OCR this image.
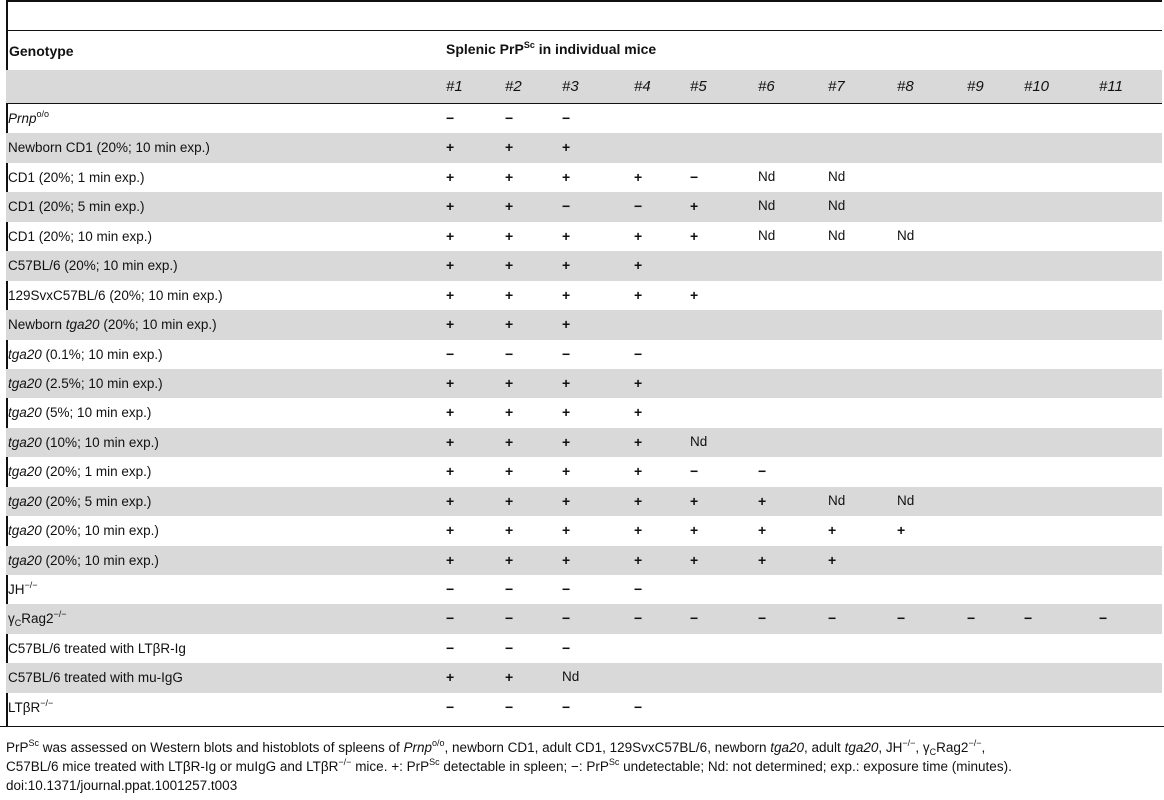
Genotype	Splenic PrP$^{Sc}$ in individual mice
#1	#2	#3	#4	#5	#6	#7	#8	#9	#10	#11
Prnp$^{o/o}$	−	−	−
Newborn CD1 (20%; 10 min exp.)	+	+	+
CD1 (20%; 1 min exp.)	+	+	+	+	−	Nd	Nd
CD1 (20%; 5 min exp.)	+	+	−	−	+	Nd	Nd
CD1 (20%; 10 min exp.)	+	+	+	+	+	Nd	Nd	Nd
C57BL/6 (20%; 10 min exp.)	+	+	+	+
129SvxC57BL/6 (20%; 10 min exp.)	+	+	+	+	+
Newborn tga20 (20%; 10 min exp.)	+	+	+
tga20 (0.1%; 10 min exp.)	−	−	−	−
tga20 (2.5%; 10 min exp.)	+	+	+	+
tga20 (5%; 10 min exp.)	+	+	+	+
tga20 (10%; 10 min exp.)	+	+	+	+	Nd
tga20 (20%; 1 min exp.)	+	+	+	+	−	−
tga20 (20%; 5 min exp.)	+	+	+	+	+	+	Nd	Nd
tga20 (20%; 10 min exp.)	+	+	+	+	+	+	+	+
tga20 (20%; 10 min exp.)	+	+	+	+	+	+	+
JH−/−	−	−	−	−
$\gamma_CRag2^{-/-}$	−	−	−	−	−	−	−	−	−	−	−
C57BL/6 treated with LTβR-Ig	−	−	−
C57BL/6 treated with mu-IgG	+	+	Nd
LTβR−/−	−	−	−	−

PrP$^{Sc}$ was assessed on Western blots and histoblots of spleens of Prnp$^{o/o}$, newborn CD1, adult CD1, 129SvxC57BL/6, newborn tga20, adult tga20, JH−/−, $\gamma_CRag2^{-/-}$,

C57BL/6 mice treated with LTβR-Ig or muIgG and LTβR−/− mice. +: PrP$^{Sc}$ detectable in spleen; −: PrP$^{Sc}$ undetectable; Nd: not determined; exp.: exposure time (minutes).

doi:10.1371/journal.ppat.1001257.t003
